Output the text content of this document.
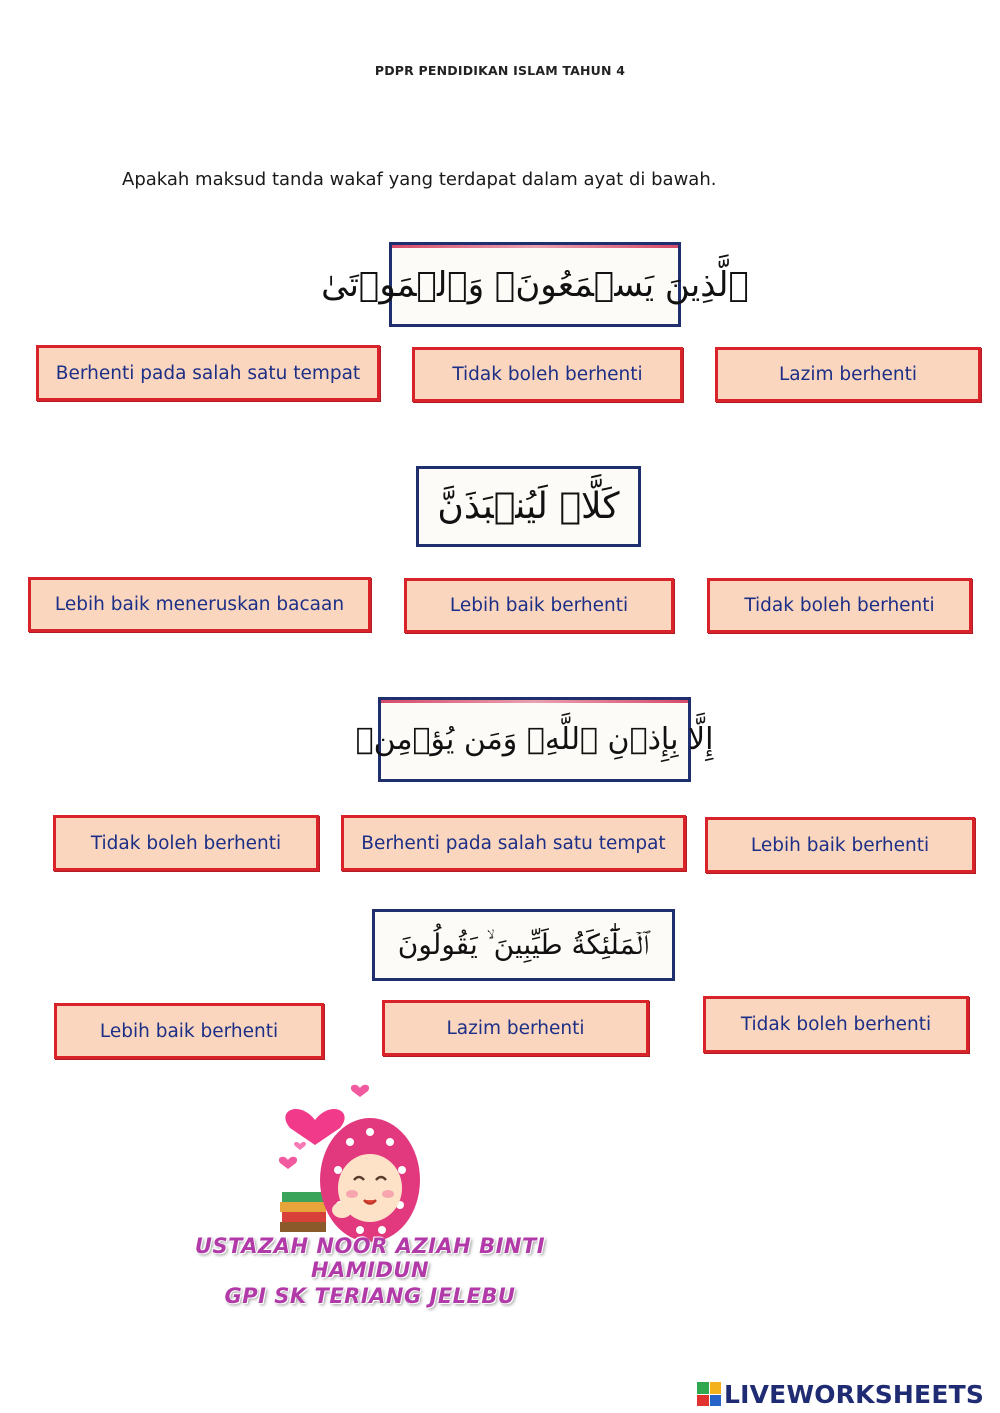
PDPR PENDIDIKAN ISLAM TAHUN 4
Apakah maksud tanda wakaf yang terdapat dalam ayat di bawah.
ٱلَّذِينَ يَسۡمَعُونَۘ وَٱلۡمَوۡتَىٰ
Berhenti pada salah satu tempat	Tidak boleh berhenti	Lazim berhenti
كَلَّاۖ لَيُنۢبَذَنَّ
Lebih baik meneruskan bacaan	Lebih baik berhenti	Tidak boleh berhenti
إِلَّا بِإِذۡنِ ٱللَّهِۗ وَمَن يُؤۡمِنۢ
Tidak boleh berhenti	Berhenti pada salah satu tempat	Lebih baik berhenti
ٱلۡمَلَٰٓئِكَةُ طَيِّبِينَ ۙ يَقُولُونَ
Lebih baik berhenti	Lazim berhenti	Tidak boleh berhenti
USTAZAH NOOR AZIAH BINTI HAMIDUN
GPI SK TERIANG JELEBU
LIVEWORKSHEETS
